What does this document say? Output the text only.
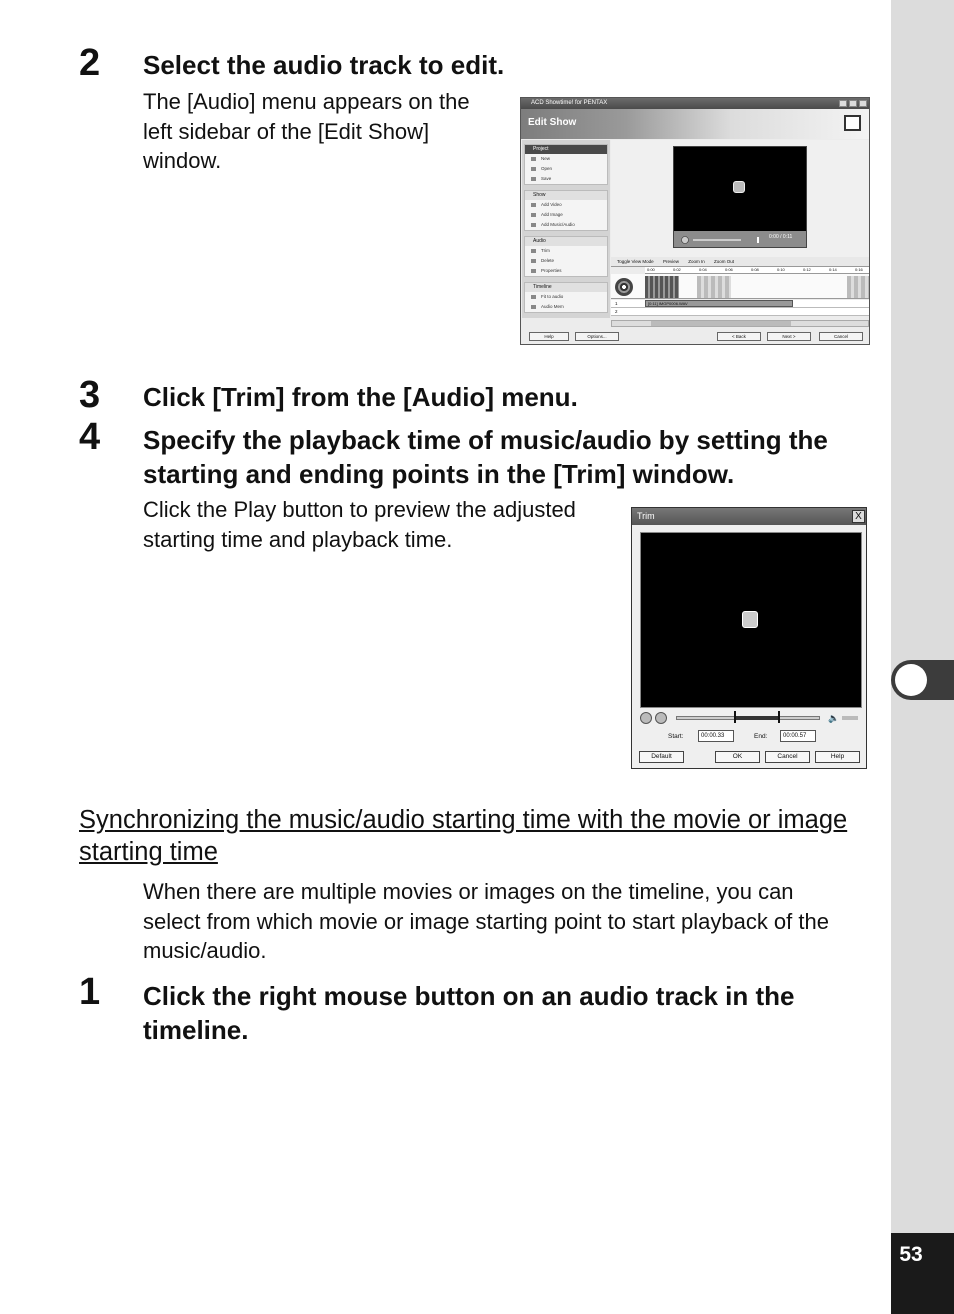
53
2 Select the audio track to edit.
The [Audio] menu appears on the
left sidebar of the [Edit Show]
window.
ACD Showtime! for PENTAX
Edit Show
Project
New
Open
Save
Show
Add Video
Add Image
Add Music/Audio
Audio
Trim
Delete
Properties
Timeline
Fit to audio
Audio Mem
0:00 / 0:11
Toggle View Mode Preview Zoom In Zoom Out
0:00	0:02	0:04	0:06	0:08	0:10	0:12	0:14	0:16
1	[0:11] IMGP0006.WAV
2
Help	Options...	< Back	Next >	Cancel
3 Click [Trim] from the [Audio] menu.
4 Specify the playback time of music/audio by setting the
starting and ending points in the [Trim] window.
Click the Play button to preview the adjusted
starting time and playback time.
Trim	X
🔈
Start:	00:00.33	End:	00:00.57
Default	OK	Cancel	Help
Synchronizing the music/audio starting time with the movie or image
starting time
When there are multiple movies or images on the timeline, you can
select from which movie or image starting point to start playback of the
music/audio.
1 Click the right mouse button on an audio track in the
timeline.
